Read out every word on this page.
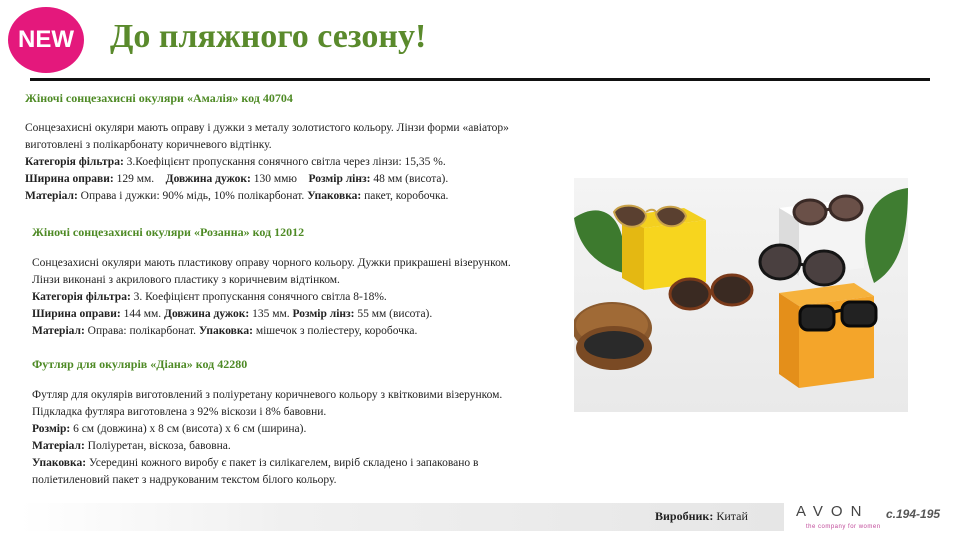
NEW До пляжного сезону!
Жіночі сонцезахисні окуляри «Амалія» код 40704

Сонцезахисні окуляри мають оправу і дужки з металу золотистого кольору. Лінзи форми «авіатор» виготовлені з полікарбонату коричневого відтінку.

Категорія фільтра: 3.Коефіцієнт пропускання сонячного світла через лінзи: 15,35 %.

Ширина оправи: 129 мм. Довжина дужок: 130 ммю Розмір лінз: 48 мм (висота).

Матеріал: Оправа і дужки: 90% мідь, 10% полікарбонат. Упаковка: пакет, коробочка.

Жіночі сонцезахисні окуляри «Розанна» код 12012

Сонцезахисні окуляри мають пластикову оправу чорного кольору. Дужки прикрашені візерунком. Лінзи виконані з акрилового пластику з коричневим відтінком.

Категорія фільтра: 3. Коефіцієнт пропускання сонячного світла 8-18%.

Ширина оправи: 144 мм. Довжина дужок: 135 мм. Розмір лінз: 55 мм (висота).

Матеріал: Оправа: полікарбонат. Упаковка: мішечок з поліестеру, коробочка.

Футляр для окулярів «Діана» код 42280

Футляр для окулярів виготовлений з поліуретану коричневого кольору з квітковими візерунком. Підкладка футляра виготовлена з 92% віскози і 8% бавовни.

Розмір: 6 см (довжина) х 8 см (висота) х 6 см (ширина).

Матеріал: Поліуретан, віскоза, бавовна.

Упаковка: Усередині кожного виробу є пакет із силікагелем, виріб складено і запаковано в поліетиленовий пакет з надрукованим текстом білого кольору.

Виробник: Китай	AVON
the company for women
с.194-195
